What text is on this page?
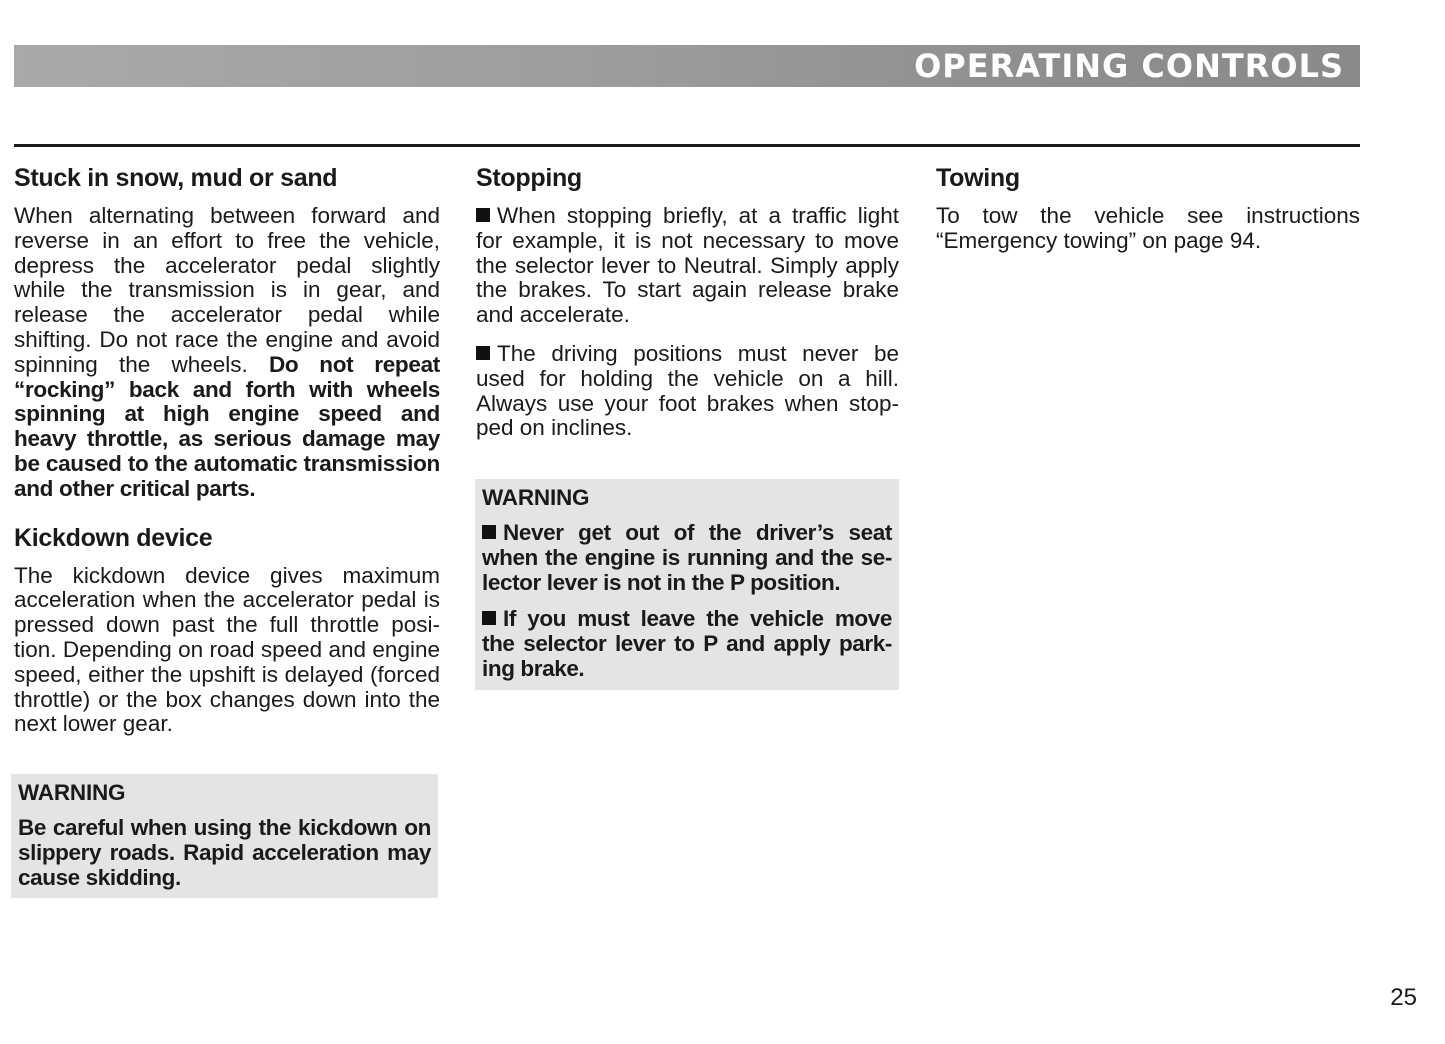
OPERATING CONTROLS
Stuck in snow, mud or sand

When alternating between forward and reverse in an effort to free the vehicle, depress the accelerator pedal slightly while the transmission is in gear, and release the accelerator pedal while shifting. Do not race the engine and avoid spinning the wheels. Do not repeat “rocking” back and forth with wheels spinning at high engine speed and heavy throttle, as serious damage may be caused to the automatic transmission and other critical parts.

Kickdown device

The kickdown device gives maximum acceleration when the accelerator pedal is pressed down past the full throttle posi-tion. Depending on road speed and engine speed, either the upshift is delayed (forced throttle) or the box changes down into the next lower gear.

WARNING

Be careful when using the kickdown on slippery roads. Rapid acceleration may cause skidding.

Stopping

When stopping briefly, at a traffic light for example, it is not necessary to move the selector lever to Neutral. Simply apply the brakes. To start again release brake and accelerate.

The driving positions must never be used for holding the vehicle on a hill. Always use your foot brakes when stop-ped on inclines.

WARNING

Never get out of the driver’s seat when the engine is running and the se-lector lever is not in the P position.

If you must leave the vehicle move the selector lever to P and apply park-ing brake.

Towing

To tow the vehicle see instructions “Emergency towing” on page 94.

25
